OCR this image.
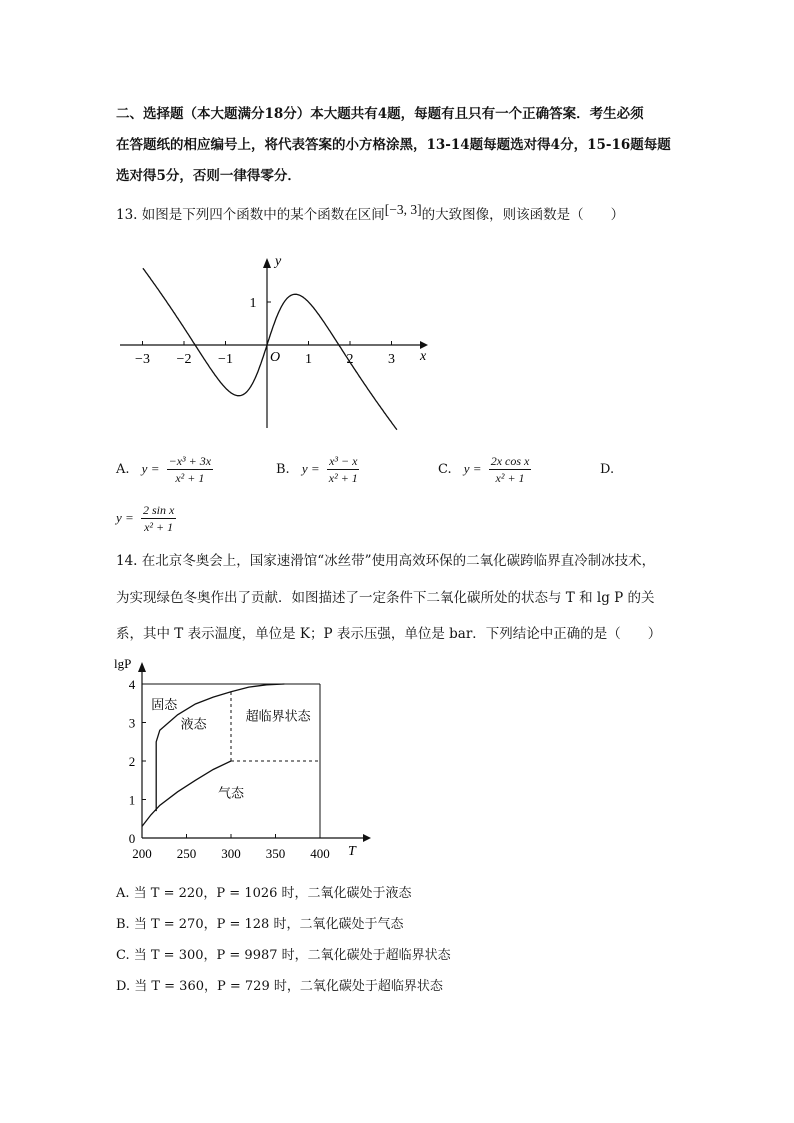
二、选择题（本大题满分18分）本大题共有4题，每题有且只有一个正确答案．考生必须
在答题纸的相应编号上，将代表答案的小方格涂黑，13-14题每题选对得4分，15-16题每题
选对得5分，否则一律得零分．
13. 如图是下列四个函数中的某个函数在区间[−3, 3]的大致图像，则该函数是（　　）
y
x
O
−3 −2 −1	1 2 3
1
A. $y = \frac{\text{−x³ + 3x}}{\text{x² + 1}}$	B. $y = \frac{\text{x³ − x}}{\text{x² + 1}}$	C. $y = \frac{\text{2x cos x}}{\text{x² + 1}}$	D.
$y = \frac{\text{2 sin x}}{\text{x² + 1}}$
14. 在北京冬奥会上，国家速滑馆“冰丝带”使用高效环保的二氧化碳跨临界直冷制冰技术，
为实现绿色冬奥作出了贡献．如图描述了一定条件下二氧化碳所处的状态与 T 和 lg P 的关
系，其中 T 表示温度，单位是 K；P 表示压强，单位是 bar．下列结论中正确的是（　　）
lgP
T
200 250 300 350 400
0
1
2
3
4
固态
液态
超临界状态
气态
A. 当 T = 220，P = 1026 时，二氧化碳处于液态
B. 当 T = 270，P = 128 时，二氧化碳处于气态
C. 当 T = 300，P = 9987 时，二氧化碳处于超临界状态
D. 当 T = 360，P = 729 时，二氧化碳处于超临界状态
